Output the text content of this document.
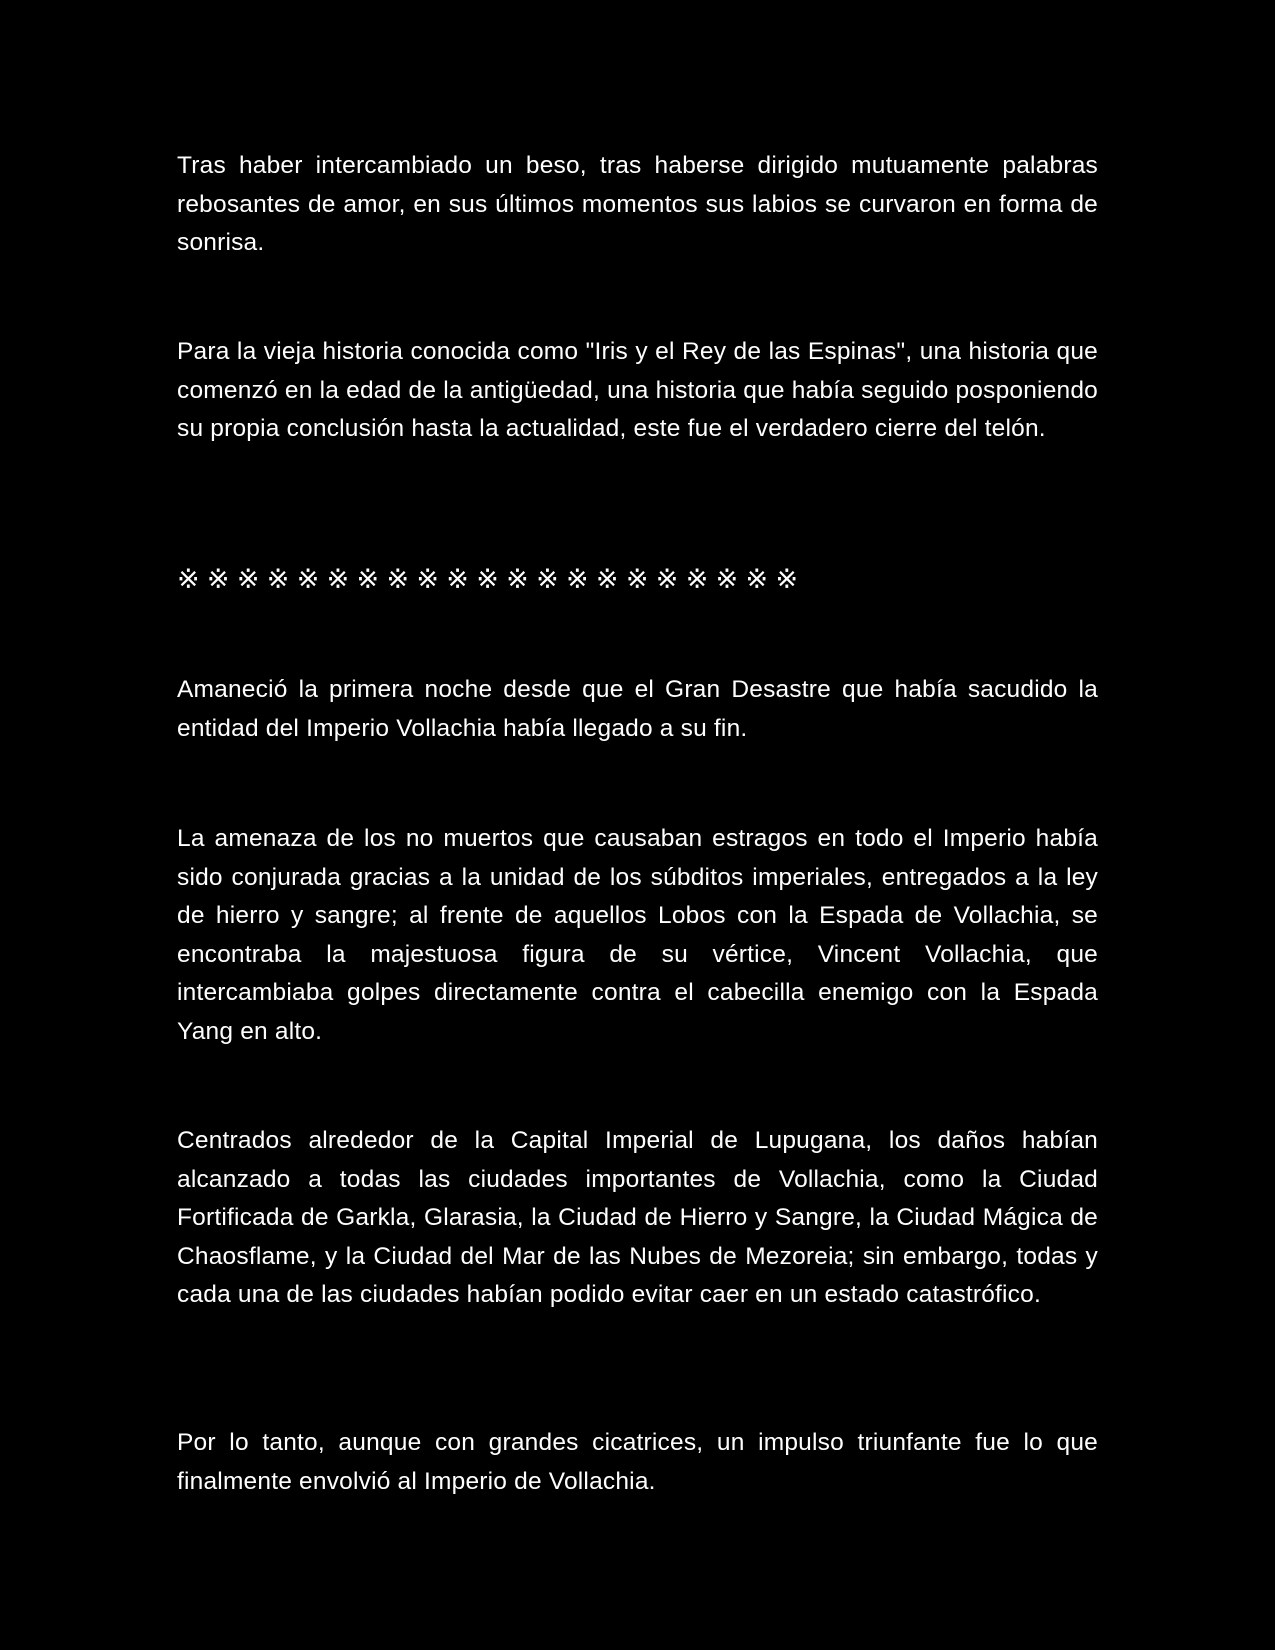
Tras haber intercambiado un beso, tras haberse dirigido mutuamente palabras rebosantes de amor, en sus últimos momentos sus labios se curvaron en forma de sonrisa.

Para la vieja historia conocida como "Iris y el Rey de las Espinas", una historia que comenzó en la edad de la antigüedad, una historia que había seguido posponiendo su propia conclusión hasta la actualidad, este fue el verdadero cierre del telón.

※※※※※※※※※※※※※※※※※※※※※

Amaneció la primera noche desde que el Gran Desastre que había sacudido la entidad del Imperio Vollachia había llegado a su fin.

La amenaza de los no muertos que causaban estragos en todo el Imperio había sido conjurada gracias a la unidad de los súbditos imperiales, entregados a la ley de hierro y sangre; al frente de aquellos Lobos con la Espada de Vollachia, se encontraba la majestuosa figura de su vértice, Vincent Vollachia, que intercambiaba golpes directamente contra el cabecilla enemigo con la Espada Yang en alto.

Centrados alrededor de la Capital Imperial de Lupugana, los daños habían alcanzado a todas las ciudades importantes de Vollachia, como la Ciudad Fortificada de Garkla, Glarasia, la Ciudad de Hierro y Sangre, la Ciudad Mágica de Chaosflame, y la Ciudad del Mar de las Nubes de Mezoreia; sin embargo, todas y cada una de las ciudades habían podido evitar caer en un estado catastrófico.

Por lo tanto, aunque con grandes cicatrices, un impulso triunfante fue lo que finalmente envolvió al Imperio de Vollachia.
